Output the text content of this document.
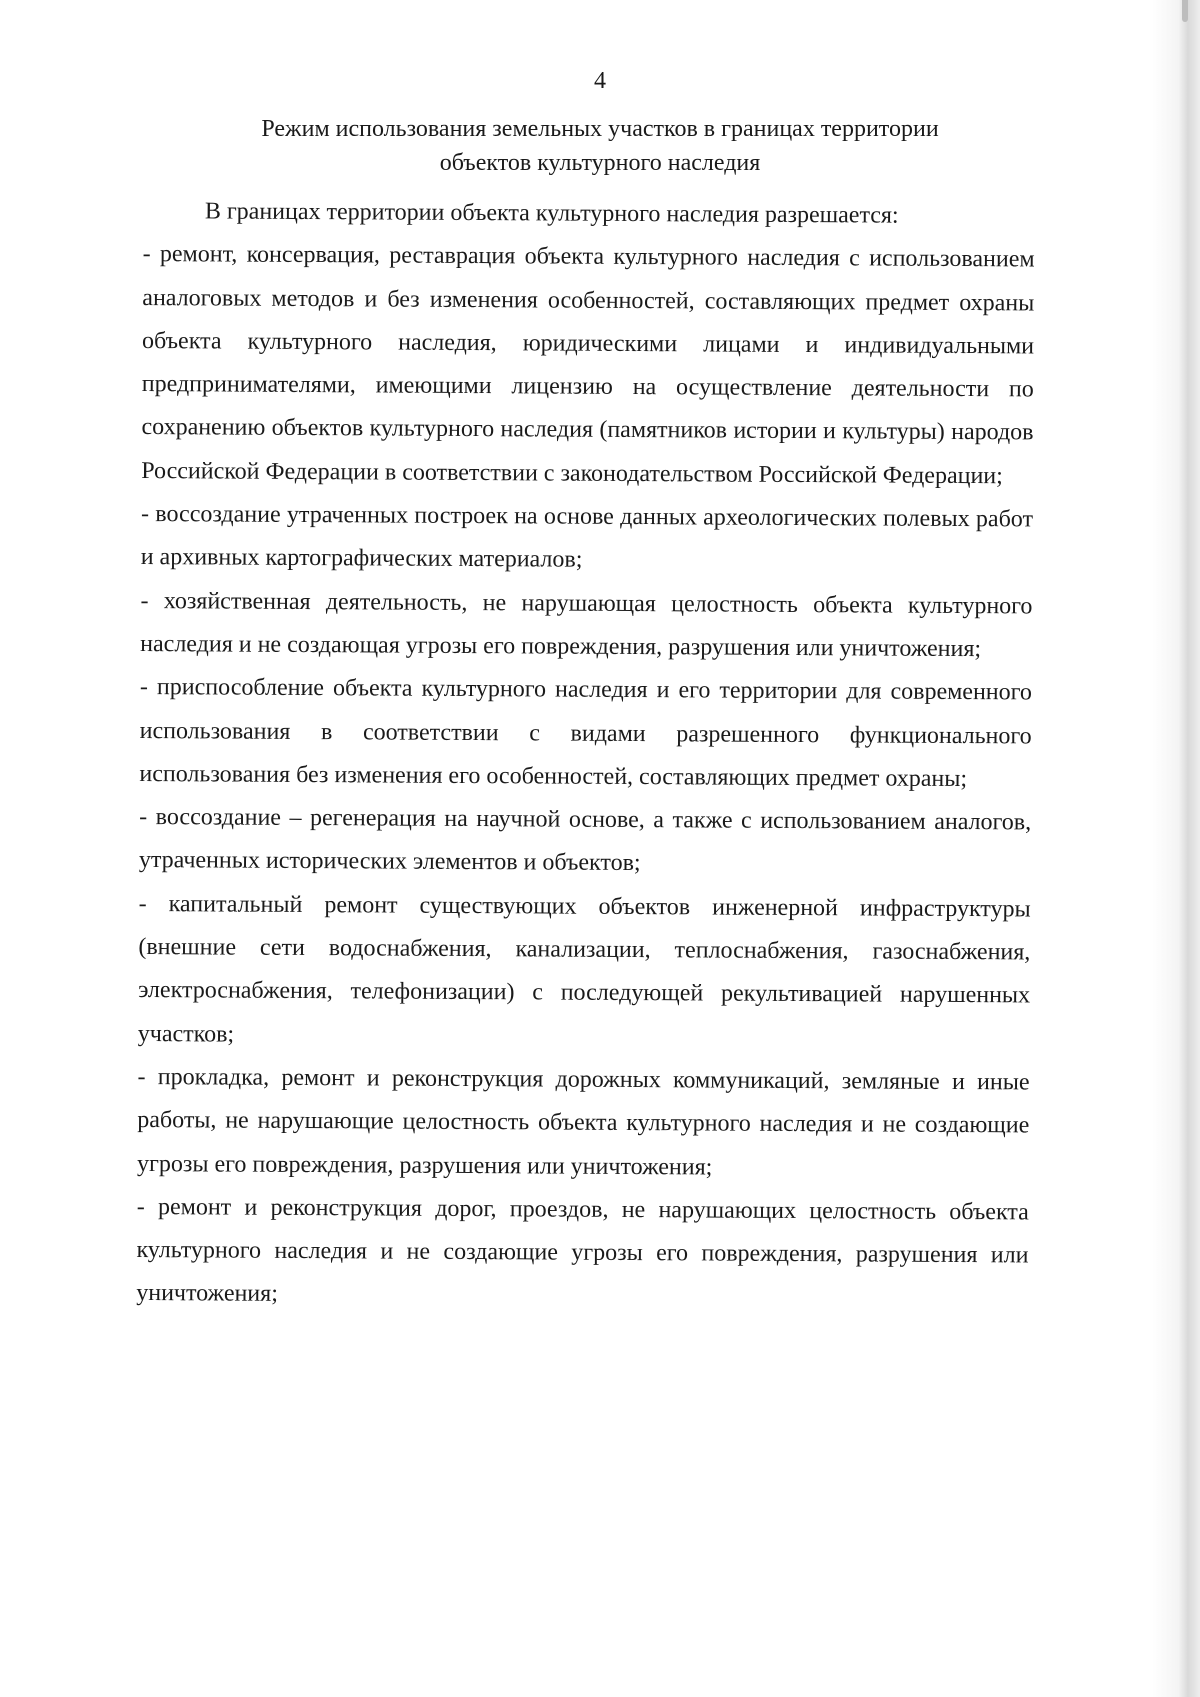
4
Режим использования земельных участков в границах территории
объектов культурного наследия

В границах территории объекта культурного наследия разрешается:

- ремонт, консервация, реставрация объекта культурного наследия с использованием аналоговых методов и без изменения особенностей, составляющих предмет охраны объекта культурного наследия, юридическими лицами и индивидуальными предпринимателями, имеющими лицензию на осуществление деятельности по сохранению объектов культурного наследия (памятников истории и культуры) народов Российской Федерации в соответствии с законодательством Российской Федерации;

- воссоздание утраченных построек на основе данных археологических полевых работ и архивных картографических материалов;

- хозяйственная деятельность, не нарушающая целостность объекта культурного наследия и не создающая угрозы его повреждения, разрушения или уничтожения;

- приспособление объекта культурного наследия и его территории для современного использования в соответствии с видами разрешенного функционального использования без изменения его особенностей, составляющих предмет охраны;

- воссоздание – регенерация на научной основе, а также с использованием аналогов, утраченных исторических элементов и объектов;

- капитальный ремонт существующих объектов инженерной инфраструктуры (внешние сети водоснабжения, канализации, теплоснабжения, газоснабжения, электроснабжения, телефонизации) с последующей рекультивацией нарушенных участков;

- прокладка, ремонт и реконструкция дорожных коммуникаций, земляные и иные работы, не нарушающие целостность объекта культурного наследия и не создающие угрозы его повреждения, разрушения или уничтожения;

- ремонт и реконструкция дорог, проездов, не нарушающих целостность объекта культурного наследия и не создающие угрозы его повреждения, разрушения или уничтожения;
